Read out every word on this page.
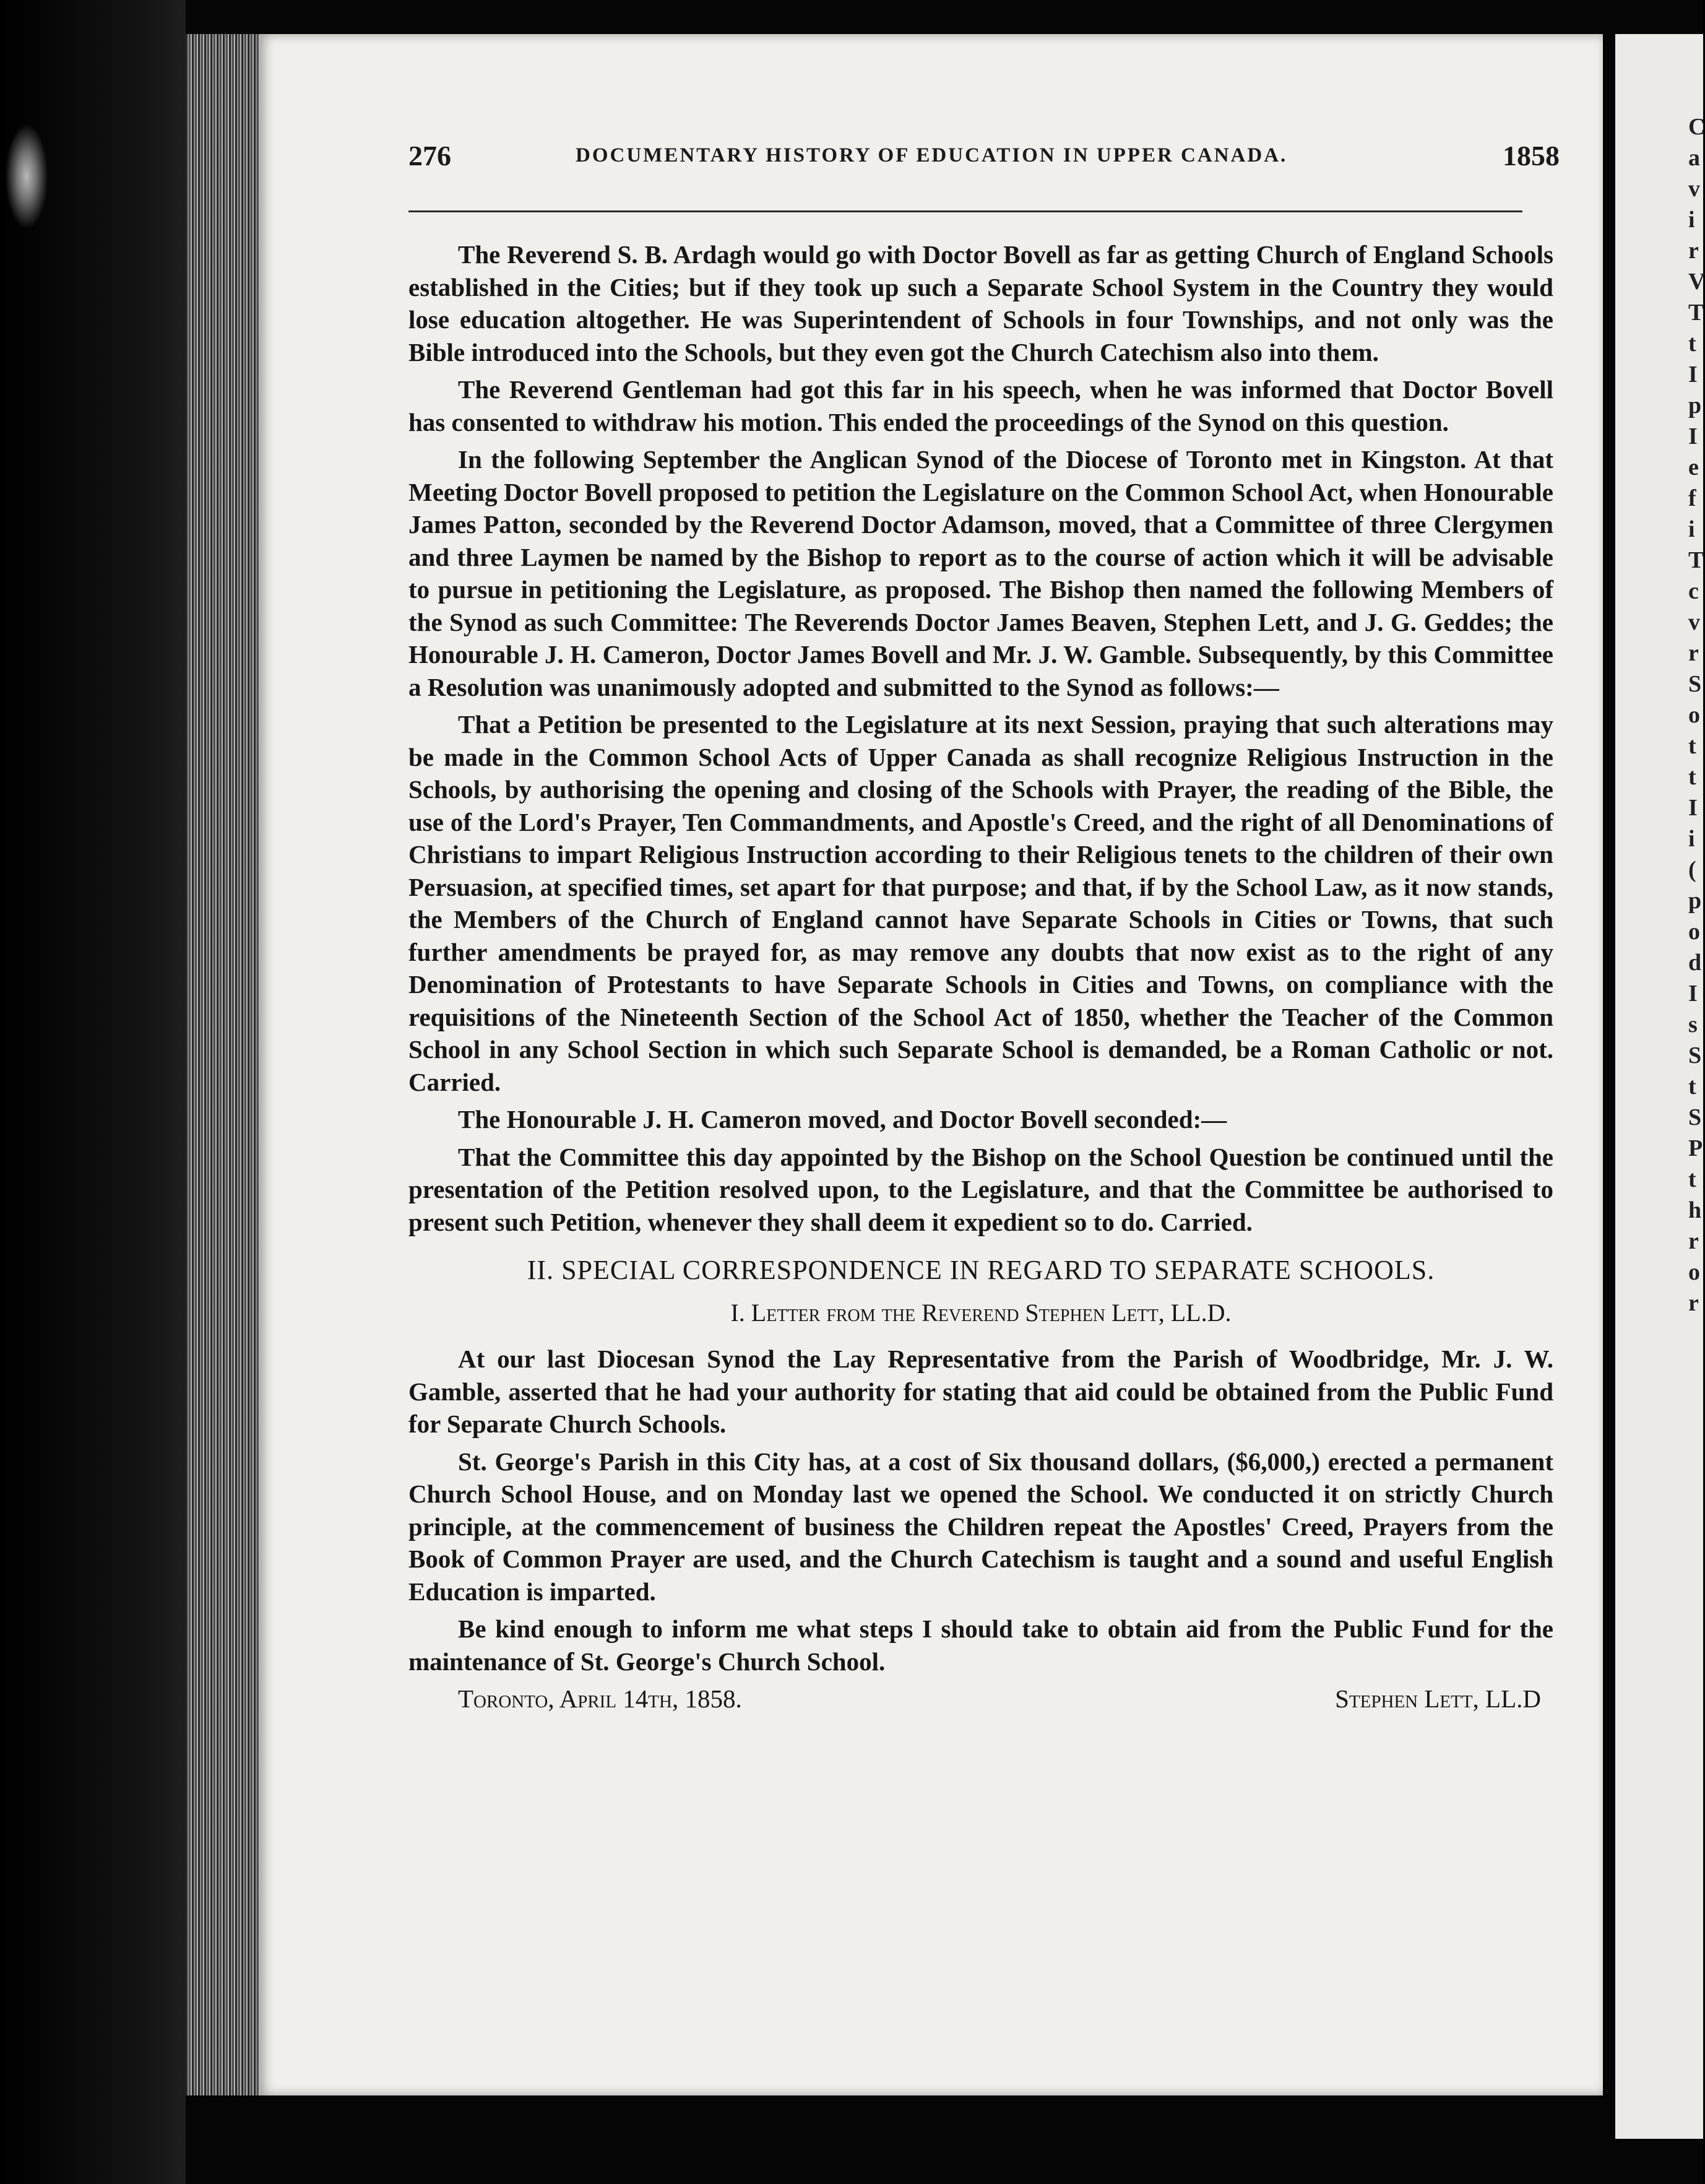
276	DOCUMENTARY HISTORY OF EDUCATION IN UPPER CANADA.	1858

The Reverend S. B. Ardagh would go with Doctor Bovell as far as getting Church of England Schools established in the Cities; but if they took up such a Separate School System in the Country they would lose education altogether. He was Superintendent of Schools in four Townships, and not only was the Bible introduced into the Schools, but they even got the Church Catechism also into them.

The Reverend Gentleman had got this far in his speech, when he was informed that Doctor Bovell has consented to withdraw his motion. This ended the proceedings of the Synod on this question.

In the following September the Anglican Synod of the Diocese of Toronto met in Kingston. At that Meeting Doctor Bovell proposed to petition the Legislature on the Common School Act, when Honourable James Patton, seconded by the Reverend Doctor Adamson, moved, that a Committee of three Clergymen and three Laymen be named by the Bishop to report as to the course of action which it will be advisable to pursue in petitioning the Legislature, as proposed. The Bishop then named the following Members of the Synod as such Committee: The Reverends Doctor James Beaven, Stephen Lett, and J. G. Geddes; the Honourable J. H. Cameron, Doctor James Bovell and Mr. J. W. Gamble. Subsequently, by this Committee a Resolution was unanimously adopted and submitted to the Synod as follows:—

That a Petition be presented to the Legislature at its next Session, praying that such alterations may be made in the Common School Acts of Upper Canada as shall recognize Religious Instruction in the Schools, by authorising the opening and closing of the Schools with Prayer, the reading of the Bible, the use of the Lord's Prayer, Ten Commandments, and Apostle's Creed, and the right of all Denominations of Christians to impart Religious Instruction according to their Religious tenets to the children of their own Persuasion, at specified times, set apart for that purpose; and that, if by the School Law, as it now stands, the Members of the Church of England cannot have Separate Schools in Cities or Towns, that such further amendments be prayed for, as may remove any doubts that now exist as to the right of any Denomination of Protestants to have Separate Schools in Cities and Towns, on compliance with the requisitions of the Nineteenth Section of the School Act of 1850, whether the Teacher of the Common School in any School Section in which such Separate School is demanded, be a Roman Catholic or not. Carried.

The Honourable J. H. Cameron moved, and Doctor Bovell seconded:—

That the Committee this day appointed by the Bishop on the School Question be continued until the presentation of the Petition resolved upon, to the Legislature, and that the Committee be authorised to present such Petition, whenever they shall deem it expedient so to do. Carried.

II. SPECIAL CORRESPONDENCE IN REGARD TO SEPARATE SCHOOLS.
I. Letter from the Reverend Stephen Lett, LL.D.

At our last Diocesan Synod the Lay Representative from the Parish of Woodbridge, Mr. J. W. Gamble, asserted that he had your authority for stating that aid could be obtained from the Public Fund for Separate Church Schools.

St. George's Parish in this City has, at a cost of Six thousand dollars, ($6,000,) erected a permanent Church School House, and on Monday last we opened the School. We conducted it on strictly Church principle, at the commencement of business the Children repeat the Apostles' Creed, Prayers from the Book of Common Prayer are used, and the Church Catechism is taught and a sound and useful English Education is imparted.

Be kind enough to inform me what steps I should take to obtain aid from the Public Fund for the maintenance of St. George's Church School.

Toronto, April 14th, 1858.	Stephen Lett, LL.D
C
a
v
i
r
V
T
t
I
p
I
e
f
i
T
c
v
r
S
o
t
t
I
i
(
p
o
d
I
s
S
t
S
P
t
h
r
o
r
